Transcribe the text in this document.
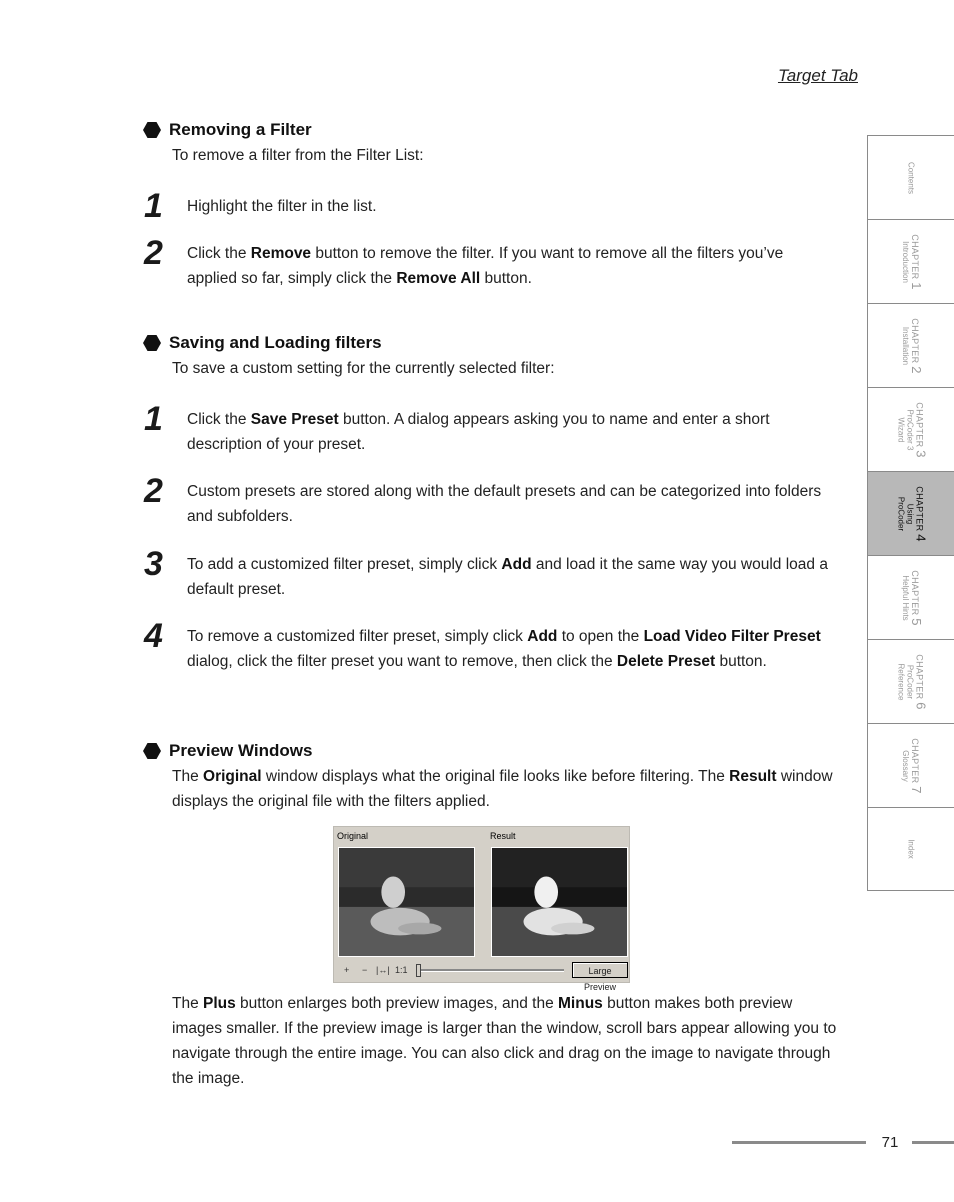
Target Tab
Removing a Filter
To remove a filter from the Filter List:
1	Highlight the filter in the list.
2	Click the Remove button to remove the filter. If you want to remove all the filters you’ve applied so far, simply click the Remove All button.
Saving and Loading filters
To save a custom setting for the currently selected filter:
1	Click the Save Preset button. A dialog appears asking you to name and enter a short description of your preset.
2	Custom presets are stored along with the default presets and can be categorized into folders and subfolders.
3	To add a customized filter preset, simply click Add and load it the same way you would load a default preset.
4	To remove a customized filter preset, simply click Add to open the Load Video Filter Preset dialog, click the filter preset you want to remove, then click the Delete Preset button.
Preview Windows
The Original window displays what the original file looks like before filtering. The Result window displays the original file with the filters applied.
Original	Result
+ − |↔| 1:1	Large Preview
The Plus button enlarges both preview images, and the Minus button makes both preview images smaller. If the preview image is larger than the window, scroll bars appear allowing you to navigate through the entire image. You can also click and drag on the image to navigate through the image.
Contents
CHAPTER 1
Introduction
CHAPTER 2
Installation
CHAPTER 3
ProCoder 3
Wizard
CHAPTER 4
Using ProCoder
CHAPTER 5
Helpful Hints
CHAPTER 6
ProCoder
Reference
CHAPTER 7
Glossary
Index
71
